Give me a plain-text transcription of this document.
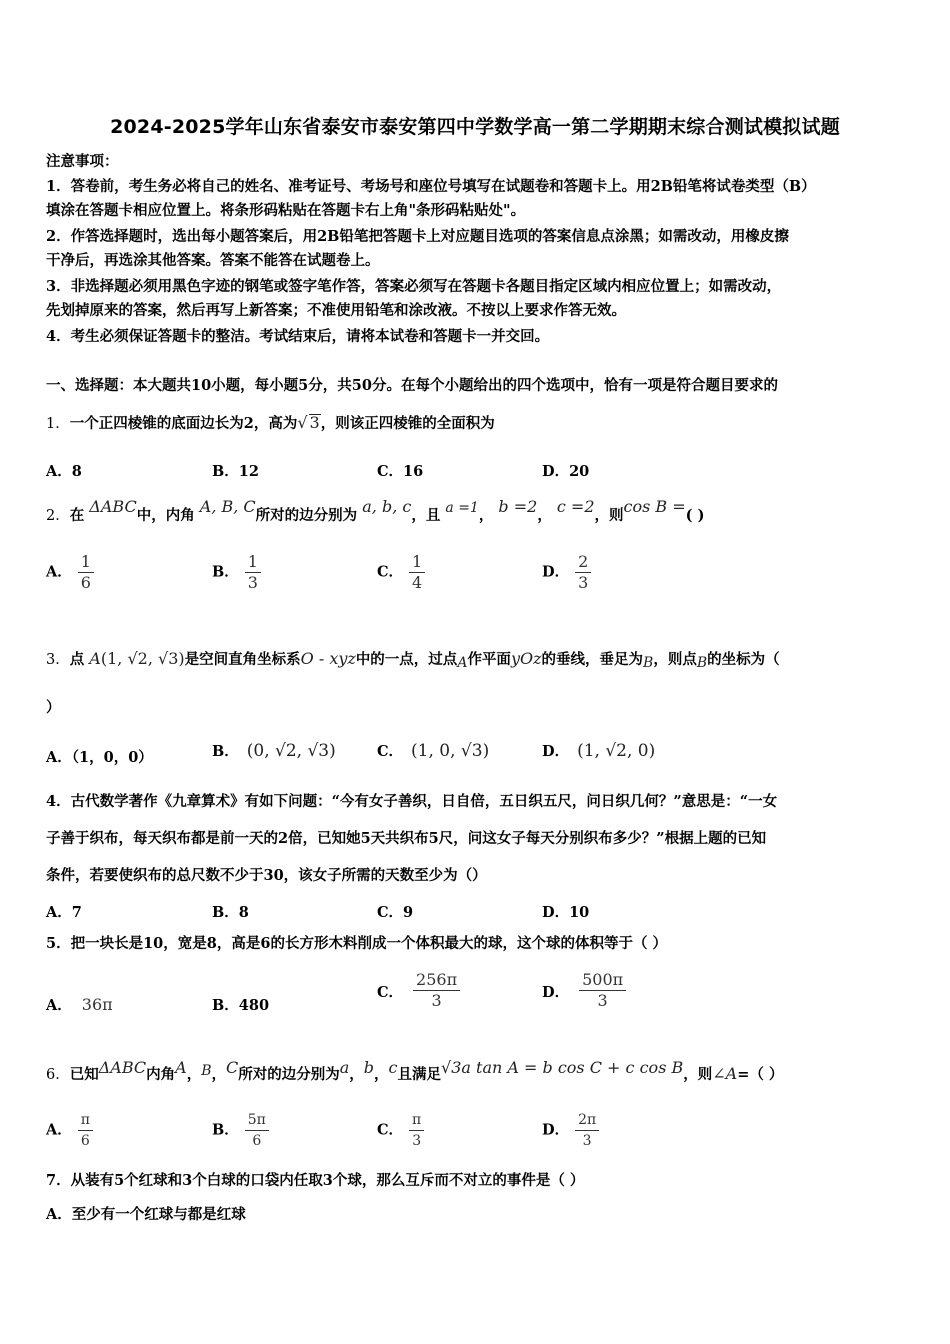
2024-2025学年山东省泰安市泰安第四中学数学高一第二学期期末综合测试模拟试题
注意事项：
1．答卷前，考生务必将自己的姓名、准考证号、考场号和座位号填写在试题卷和答题卡上。用2B铅笔将试卷类型（B）
填涂在答题卡相应位置上。将条形码粘贴在答题卡右上角"条形码粘贴处"。
2．作答选择题时，选出每小题答案后，用2B铅笔把答题卡上对应题目选项的答案信息点涂黑；如需改动，用橡皮擦
干净后，再选涂其他答案。答案不能答在试题卷上。
3．非选择题必须用黑色字迹的钢笔或签字笔作答，答案必须写在答题卡各题目指定区域内相应位置上；如需改动，
先划掉原来的答案，然后再写上新答案；不准使用铅笔和涂改液。不按以上要求作答无效。
4．考生必须保证答题卡的整洁。考试结束后，请将本试卷和答题卡一并交回。
一、选择题：本大题共10小题，每小题5分，共50分。在每个小题给出的四个选项中，恰有一项是符合题目要求的
1．一个正四棱锥的底面边长为2，高为√ 3，则该正四棱锥的全面积为
A．8	B．12	C．16	D．20
2．在 ΔABC中，内角 A, B, C所对的边分别为 a, b, c，且 a =1， b =2， c =2，则cos B =( )
A． $\frac{1}{6}$	B． $\frac{1}{3}$	C． $\frac{1}{4}$	D． $\frac{2}{3}$
3．点 A(1, √2, √3)是空间直角坐标系O - xyz中的一点，过点A作平面yOz的垂线，垂足为B，则点B的坐标为（
）
A．（1，0，0）	B． (0, √2, √3)	C． (1, 0, √3)	D． (1, √2, 0)
4．古代数学著作《九章算术》有如下问题：“今有女子善织，日自倍，五日织五尺，问日织几何？”意思是：“一女
子善于织布，每天织布都是前一天的2倍，已知她5天共织布5尺，问这女子每天分别织布多少？”根据上题的已知
条件，若要使织布的总尺数不少于30，该女子所需的天数至少为（）
A．7	B．8	C．9	D．10
5．把一块长是10，宽是8，高是6的长方形木料削成一个体积最大的球，这个球的体积等于（ ）
A． 36π	B．480
C． $\frac{256\pi}{3}$	D． $\frac{500\pi}{3}$
6．已知ΔABC内角A，B，C所对的边分别为a，b，c且满足√3a tan A = b cos C + c cos B，则∠A=（ ）
A． $\frac{\pi}{6}$	B． $\frac{5\pi}{6}$	C． $\frac{\pi}{3}$	D． $\frac{2\pi}{3}$
7．从装有5个红球和3个白球的口袋内任取3个球，那么互斥而不对立的事件是（ ）
A．至少有一个红球与都是红球
